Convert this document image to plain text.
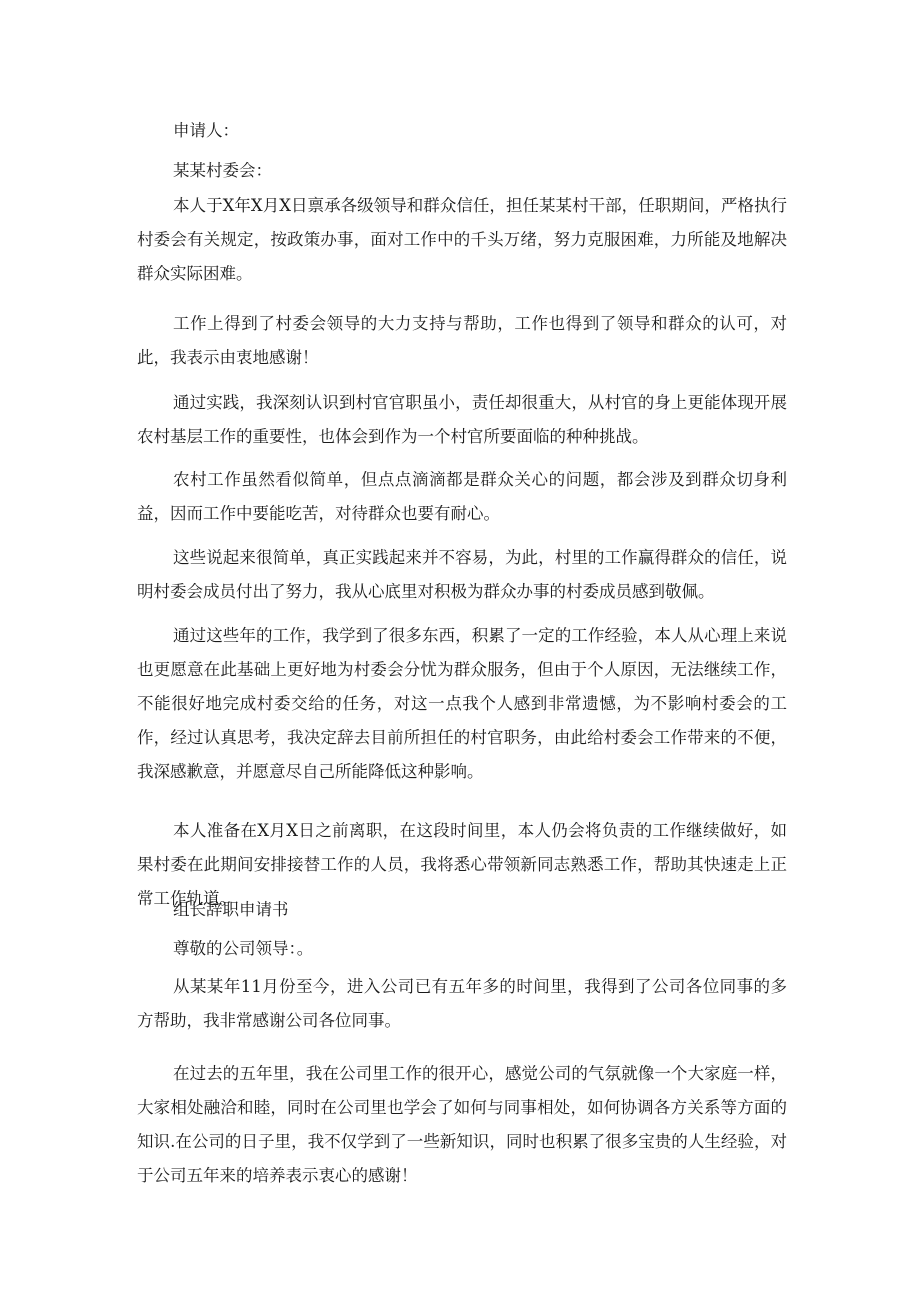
申请人：

某某村委会：

本人于X年X月X日禀承各级领导和群众信任，担任某某村干部，任职期间，严格执行村委会有关规定，按政策办事，面对工作中的千头万绪，努力克服困难，力所能及地解决群众实际困难。

工作上得到了村委会领导的大力支持与帮助，工作也得到了领导和群众的认可，对此，我表示由衷地感谢！

通过实践，我深刻认识到村官官职虽小，责任却很重大，从村官的身上更能体现开展农村基层工作的重要性，也体会到作为一个村官所要面临的种种挑战。

农村工作虽然看似简单，但点点滴滴都是群众关心的问题，都会涉及到群众切身利益，因而工作中要能吃苦，对待群众也要有耐心。

这些说起来很简单，真正实践起来并不容易，为此，村里的工作赢得群众的信任，说明村委会成员付出了努力，我从心底里对积极为群众办事的村委成员感到敬佩。

通过这些年的工作，我学到了很多东西，积累了一定的工作经验，本人从心理上来说也更愿意在此基础上更好地为村委会分忧为群众服务，但由于个人原因，无法继续工作，不能很好地完成村委交给的任务，对这一点我个人感到非常遗憾，为不影响村委会的工作，经过认真思考，我决定辞去目前所担任的村官职务，由此给村委会工作带来的不便，我深感歉意，并愿意尽自己所能降低这种影响。

本人准备在X月X日之前离职，在这段时间里，本人仍会将负责的工作继续做好，如果村委在此期间安排接替工作的人员，我将悉心带领新同志熟悉工作，帮助其快速走上正常工作轨道。

组长辞职申请书

尊敬的公司领导：。

从某某年11月份至今，进入公司已有五年多的时间里，我得到了公司各位同事的多方帮助，我非常感谢公司各位同事。

在过去的五年里，我在公司里工作的很开心，感觉公司的气氛就像一个大家庭一样，大家相处融洽和睦，同时在公司里也学会了如何与同事相处，如何协调各方关系等方面的知识.在公司的日子里，我不仅学到了一些新知识，同时也积累了很多宝贵的人生经验，对于公司五年来的培养表示衷心的感谢！
